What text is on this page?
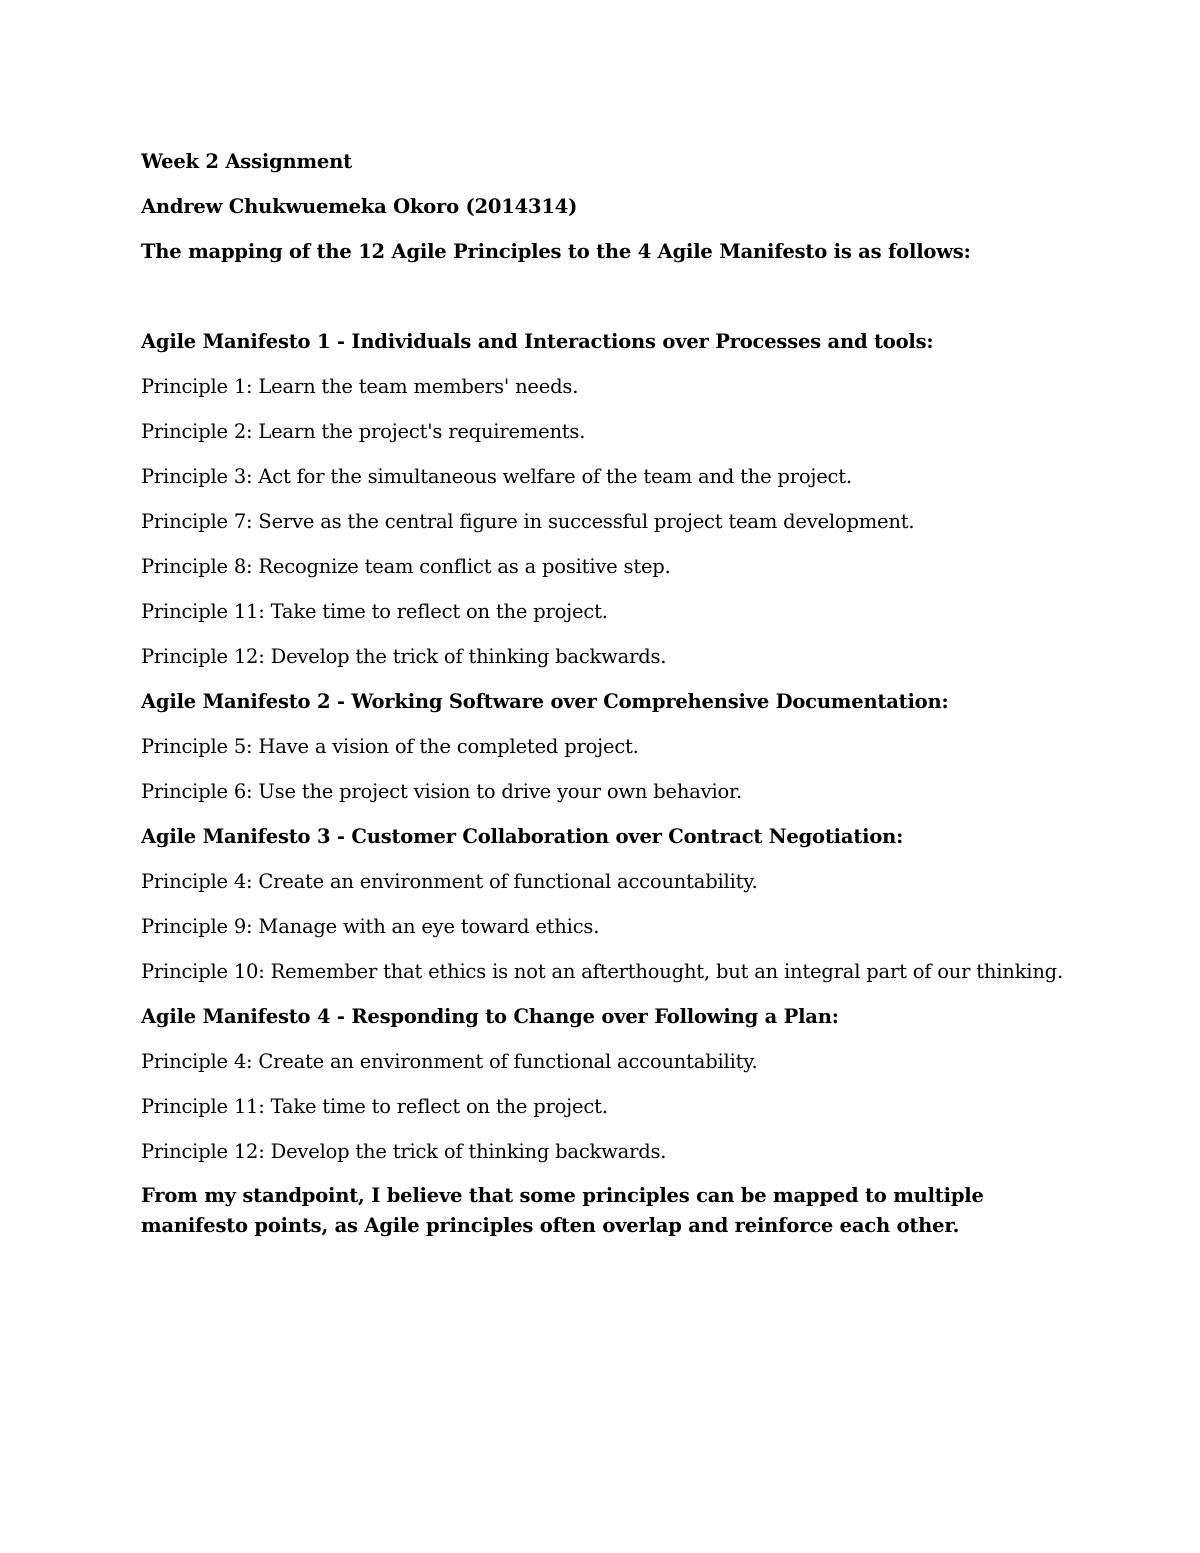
Week 2 Assignment
Andrew Chukwuemeka Okoro (2014314)
The mapping of the 12 Agile Principles to the 4 Agile Manifesto is as follows:
Agile Manifesto 1 - Individuals and Interactions over Processes and tools:
Principle 1: Learn the team members' needs.
Principle 2: Learn the project's requirements.
Principle 3: Act for the simultaneous welfare of the team and the project.
Principle 7: Serve as the central figure in successful project team development.
Principle 8: Recognize team conflict as a positive step.
Principle 11: Take time to reflect on the project.
Principle 12: Develop the trick of thinking backwards.
Agile Manifesto 2 - Working Software over Comprehensive Documentation:
Principle 5: Have a vision of the completed project.
Principle 6: Use the project vision to drive your own behavior.
Agile Manifesto 3 - Customer Collaboration over Contract Negotiation:
Principle 4: Create an environment of functional accountability.
Principle 9: Manage with an eye toward ethics.
Principle 10: Remember that ethics is not an afterthought, but an integral part of our thinking.
Agile Manifesto 4 - Responding to Change over Following a Plan:
Principle 4: Create an environment of functional accountability.
Principle 11: Take time to reflect on the project.
Principle 12: Develop the trick of thinking backwards.
From my standpoint, I believe that some principles can be mapped to multiple manifesto points, as Agile principles often overlap and reinforce each other.
